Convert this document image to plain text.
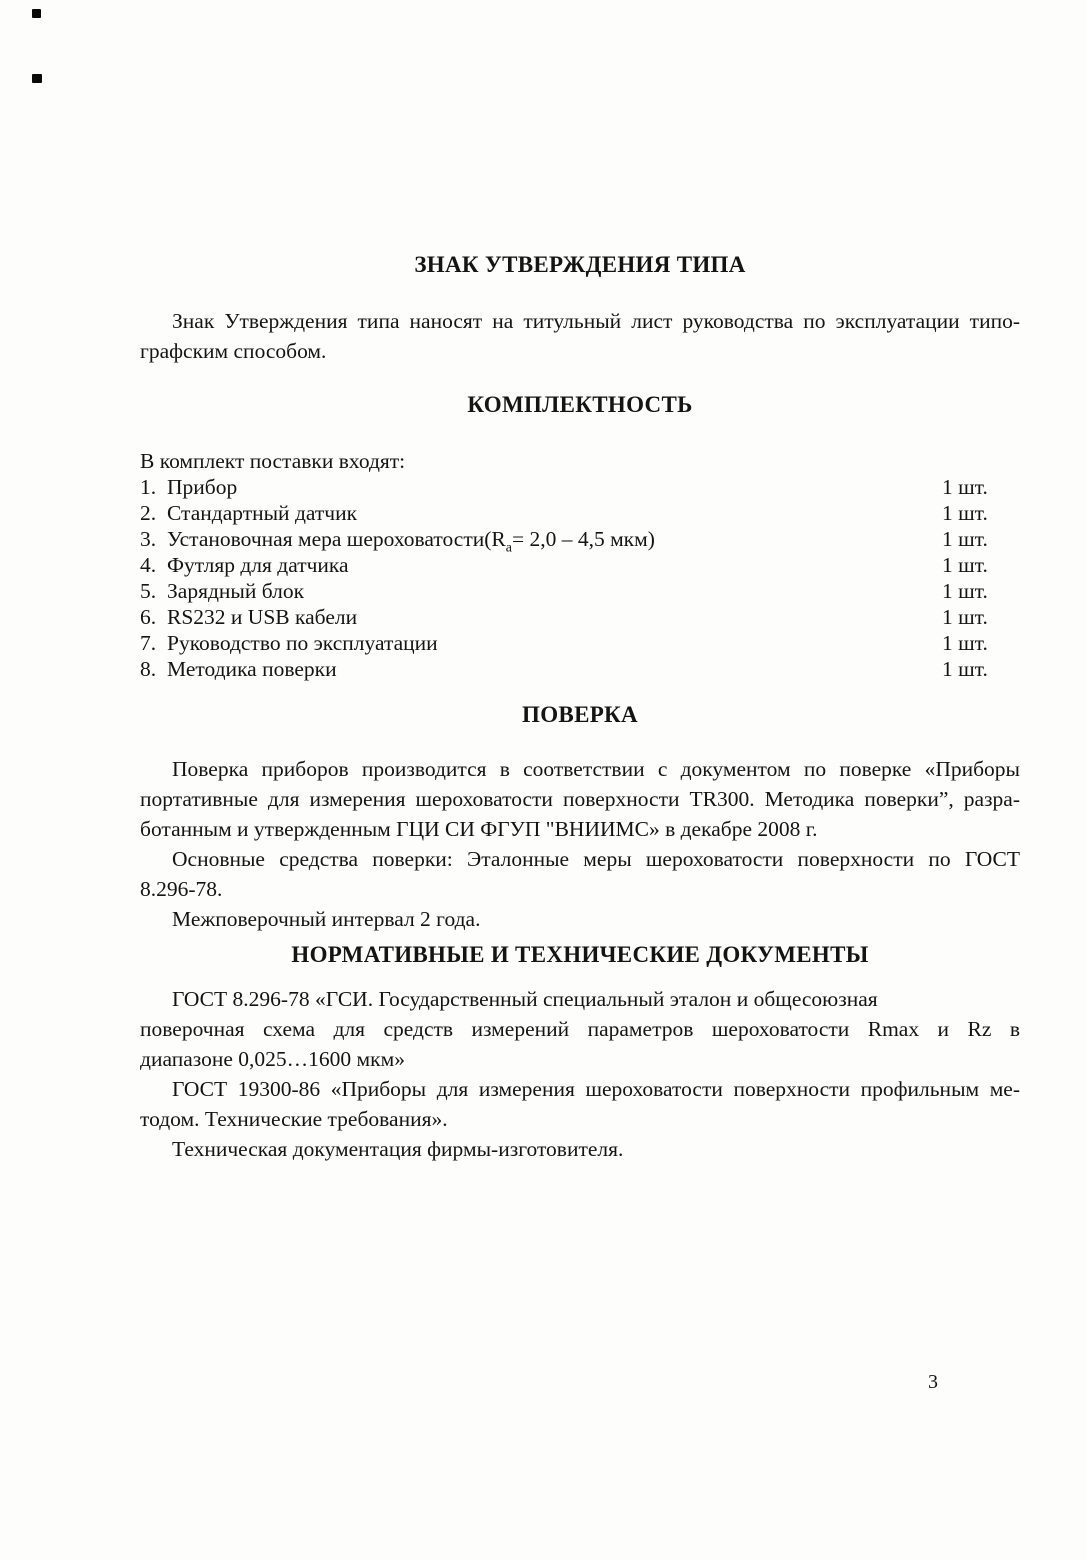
ЗНАК УТВЕРЖДЕНИЯ ТИПА
Знак Утверждения типа наносят на титульный лист руководства по эксплуатации типо-
графским способом.
КОМПЛЕКТНОСТЬ
В комплект поставки входят:
1. Прибор	1 шт.
2. Стандартный датчик	1 шт.
3. Установочная мера $шероховатости(R_a= 2,0 - 4,5$ мкм)	1 шт.
4. Футляр для датчика	1 шт.
5. Зарядный блок	1 шт.
6. RS232 и USB кабели	1 шт.
7. Руководство по эксплуатации	1 шт.
8. Методика поверки	1 шт.
ПОВЕРКА
Поверка приборов производится в соответствии с документом по поверке «Приборы
портативные для измерения шероховатости поверхности TR300. Методика поверки”, разра-
ботанным и утвержденным ГЦИ СИ ФГУП "ВНИИМС» в декабре 2008 г.
Основные средства поверки: Эталонные меры шероховатости поверхности по ГОСТ
8.296-78.
Межповерочный интервал 2 года.
НОРМАТИВНЫЕ И ТЕХНИЧЕСКИЕ ДОКУМЕНТЫ
ГОСТ 8.296-78 «ГСИ. Государственный специальный эталон и общесоюзная
поверочная схема для средств измерений параметров шероховатости Rmax и Rz в
диапазоне 0,025…1600 мкм»
ГОСТ 19300-86 «Приборы для измерения шероховатости поверхности профильным ме-
тодом. Технические требования».
Техническая документация фирмы-изготовителя.
3
